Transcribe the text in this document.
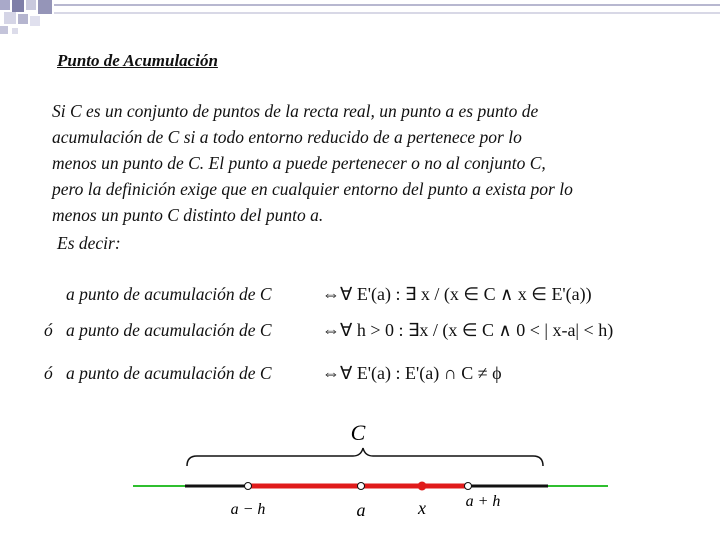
Punto de Acumulación
Si C es un conjunto de puntos de la recta real, un punto a es punto de
acumulación de C si a todo entorno reducido de a pertenece por lo
menos un punto de C. El punto a puede pertenecer o no al conjunto C,
pero la definición exige que en cualquier entorno del punto a exista por lo
menos un punto C distinto del punto a.
Es decir:
a punto de acumulación de C	⇔∀ E'(a) : ∃ x / (x ∈ C ∧ x ∈ E'(a))
ó a punto de acumulación de C	⇔∀ h > 0 : ∃x / (x ∈ C ∧ 0 < | x-a| < h)
ó a punto de acumulación de C	⇔∀ E'(a) : E'(a) ∩ C ≠ ϕ
C
a − h	a	x a + h
